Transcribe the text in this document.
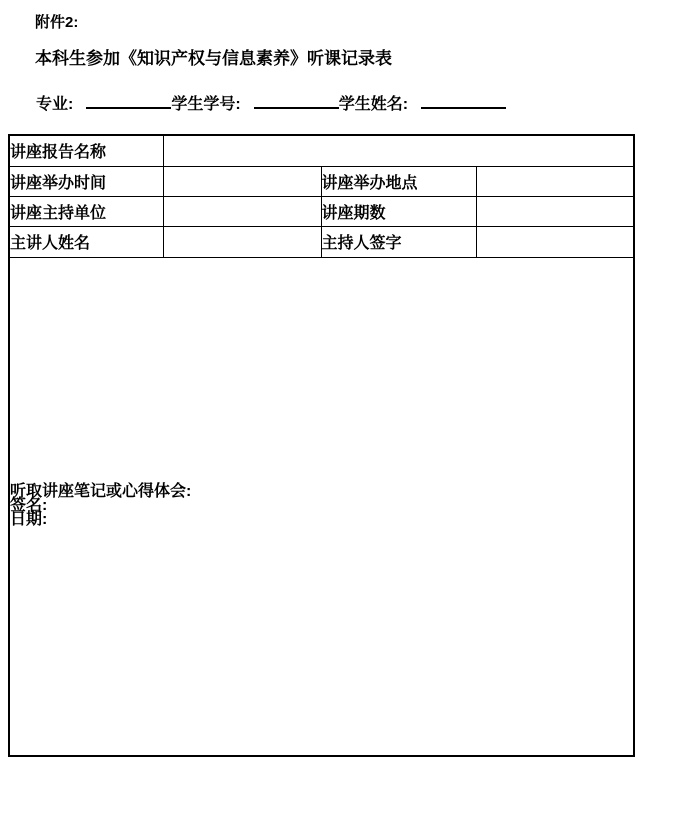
附件2:
本科生参加《知识产权与信息素养》听课记录表
专业:	学生学号:	学生姓名:
讲座报告名称			
讲座举办时间		讲座举办地点	
讲座主持单位		讲座期数	
主讲人姓名		主持人签字	

听取讲座笔记或心得体会:
签名:
日期:			
